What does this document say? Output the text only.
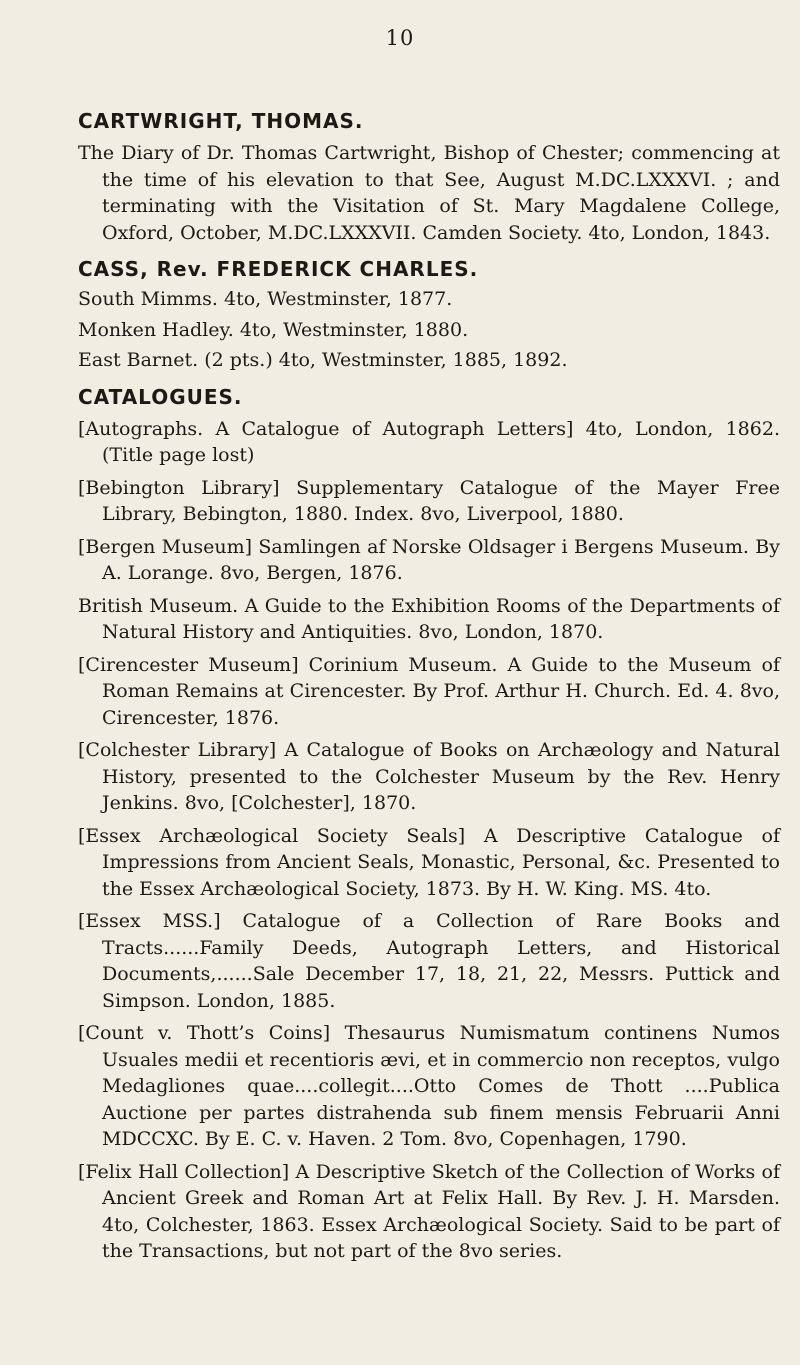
10
CARTWRIGHT, THOMAS.

The Diary of Dr. Thomas Cartwright, Bishop of Chester; commencing at the time of his elevation to that See, August M.DC.LXXXVI. ; and terminating with the Visitation of St. Mary Magdalene College, Oxford, October, M.DC.LXXXVII. Camden Society. 4to, London, 1843.

CASS, Rev. FREDERICK CHARLES.

South Mimms. 4to, Westminster, 1877.

Monken Hadley. 4to, Westminster, 1880.

East Barnet. (2 pts.) 4to, Westminster, 1885, 1892.

CATALOGUES.

[Autographs. A Catalogue of Autograph Letters] 4to, London, 1862. (Title page lost)

[Bebington Library] Supplementary Catalogue of the Mayer Free Library, Bebington, 1880. Index. 8vo, Liverpool, 1880.

[Bergen Museum] Samlingen af Norske Oldsager i Bergens Museum. By A. Lorange. 8vo, Bergen, 1876.

British Museum. A Guide to the Exhibition Rooms of the Departments of Natural History and Antiquities. 8vo, London, 1870.

[Cirencester Museum] Corinium Museum. A Guide to the Museum of Roman Remains at Cirencester. By Prof. Arthur H. Church. Ed. 4. 8vo, Cirencester, 1876.

[Colchester Library] A Catalogue of Books on Archæology and Natural History, presented to the Colchester Museum by the Rev. Henry Jenkins. 8vo, [Colchester], 1870.

[Essex Archæological Society Seals] A Descriptive Catalogue of Impressions from Ancient Seals, Monastic, Personal, &c. Presented to the Essex Archæological Society, 1873. By H. W. King. MS. 4to.

[Essex MSS.] Catalogue of a Collection of Rare Books and Tracts......Family Deeds, Autograph Letters, and Historical Documents,......Sale December 17, 18, 21, 22, Messrs. Puttick and Simpson. London, 1885.

[Count v. Thott’s Coins] Thesaurus Numismatum continens Numos Usuales medii et recentioris ævi, et in commercio non receptos, vulgo Medagliones quae....collegit....Otto Comes de Thott ....Publica Auctione per partes distrahenda sub finem mensis Februarii Anni MDCCXC. By E. C. v. Haven. 2 Tom. 8vo, Copenhagen, 1790.

[Felix Hall Collection] A Descriptive Sketch of the Collection of Works of Ancient Greek and Roman Art at Felix Hall. By Rev. J. H. Marsden. 4to, Colchester, 1863. Essex Archæological Society. Said to be part of the Transactions, but not part of the 8vo series.
